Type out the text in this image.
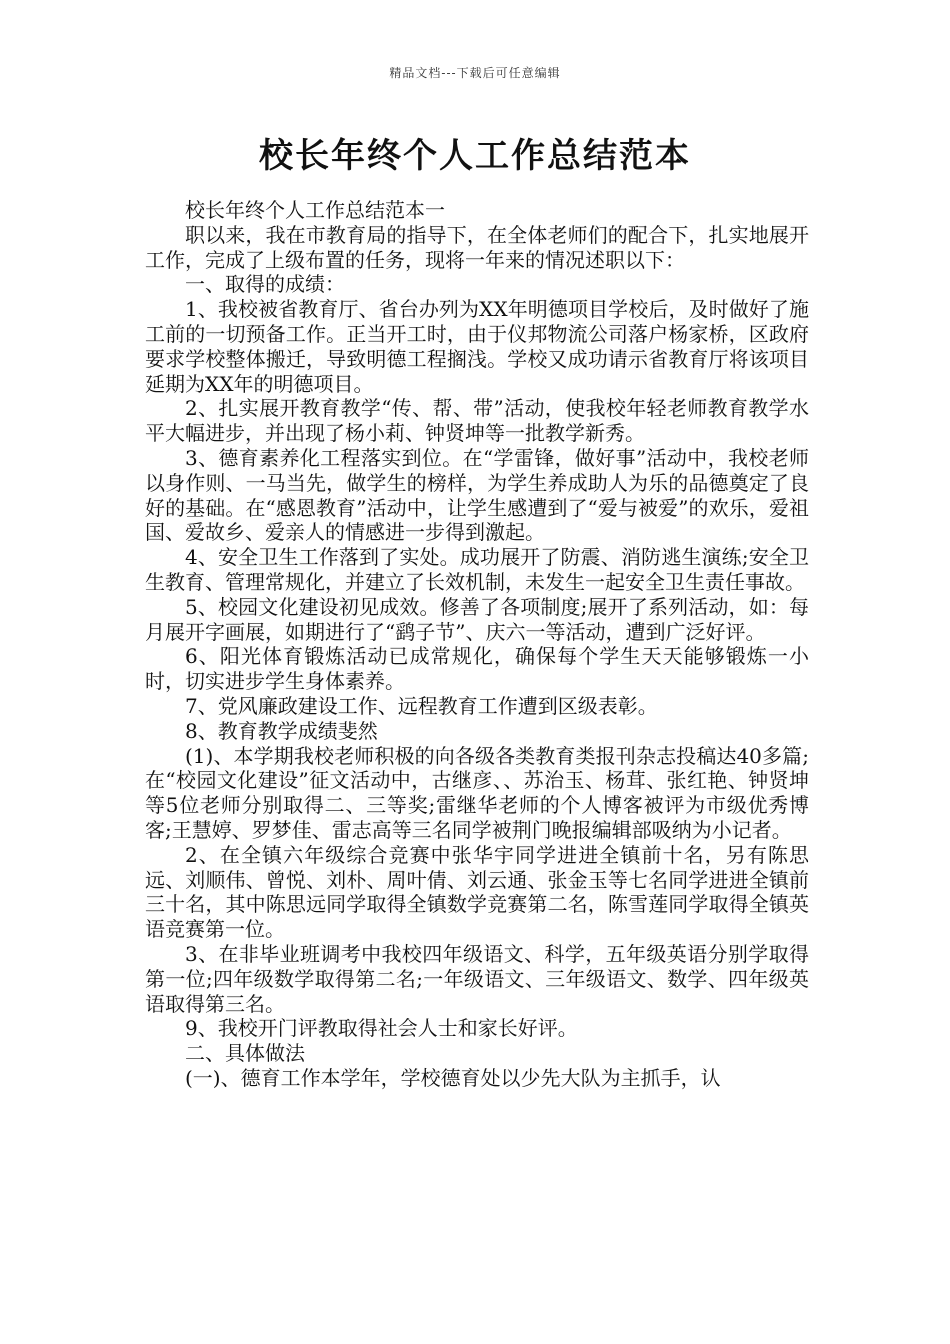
精品文档---下载后可任意编辑
校长年终个人工作总结范本

校长年终个人工作总结范本一

职以来，我在市教育局的指导下，在全体老师们的配合下，扎实地展开工作，完成了上级布置的任务，现将一年来的情况述职以下：

一、取得的成绩：

1、我校被省教育厅、省台办列为XX年明德项目学校后，及时做好了施工前的一切预备工作。正当开工时，由于仪邦物流公司落户杨家桥，区政府要求学校整体搬迁，导致明德工程搁浅。学校又成功请示省教育厅将该项目延期为XX年的明德项目。

2、扎实展开教育教学“传、帮、带”活动，使我校年轻老师教育教学水平大幅进步，并出现了杨小莉、钟贤坤等一批教学新秀。

3、德育素养化工程落实到位。在“学雷锋，做好事”活动中，我校老师以身作则、一马当先，做学生的榜样，为学生养成助人为乐的品德奠定了良好的基础。在“感恩教育”活动中，让学生感遭到了“爱与被爱”的欢乐，爱祖国、爱故乡、爱亲人的情感进一步得到激起。

4、安全卫生工作落到了实处。成功展开了防震、消防逃生演练;安全卫生教育、管理常规化，并建立了长效机制，未发生一起安全卫生责任事故。

5、校园文化建设初见成效。修善了各项制度;展开了系列活动，如：每月展开字画展，如期进行了“鹞子节”、庆六一等活动，遭到广泛好评。

6、阳光体育锻炼活动已成常规化，确保每个学生天天能够锻炼一小时，切实进步学生身体素养。

7、党风廉政建设工作、远程教育工作遭到区级表彰。

8、教育教学成绩斐然

(1)、本学期我校老师积极的向各级各类教育类报刊杂志投稿达40多篇;在“校园文化建设”征文活动中，古继彦、、苏治玉、杨茸、张红艳、钟贤坤等5位老师分别取得二、三等奖;雷继华老师的个人博客被评为市级优秀博客;王慧婷、罗梦佳、雷志高等三名同学被荆门晚报编辑部吸纳为小记者。

2、在全镇六年级综合竞赛中张华宇同学进进全镇前十名，另有陈思远、刘顺伟、曾悦、刘朴、周叶倩、刘云通、张金玉等七名同学进进全镇前三十名，其中陈思远同学取得全镇数学竞赛第二名，陈雪莲同学取得全镇英语竞赛第一位。

3、在非毕业班调考中我校四年级语文、科学，五年级英语分别学取得第一位;四年级数学取得第二名;一年级语文、三年级语文、数学、四年级英语取得第三名。

9、我校开门评教取得社会人士和家长好评。

二、具体做法

(一)、德育工作本学年，学校德育处以少先大队为主抓手，认
